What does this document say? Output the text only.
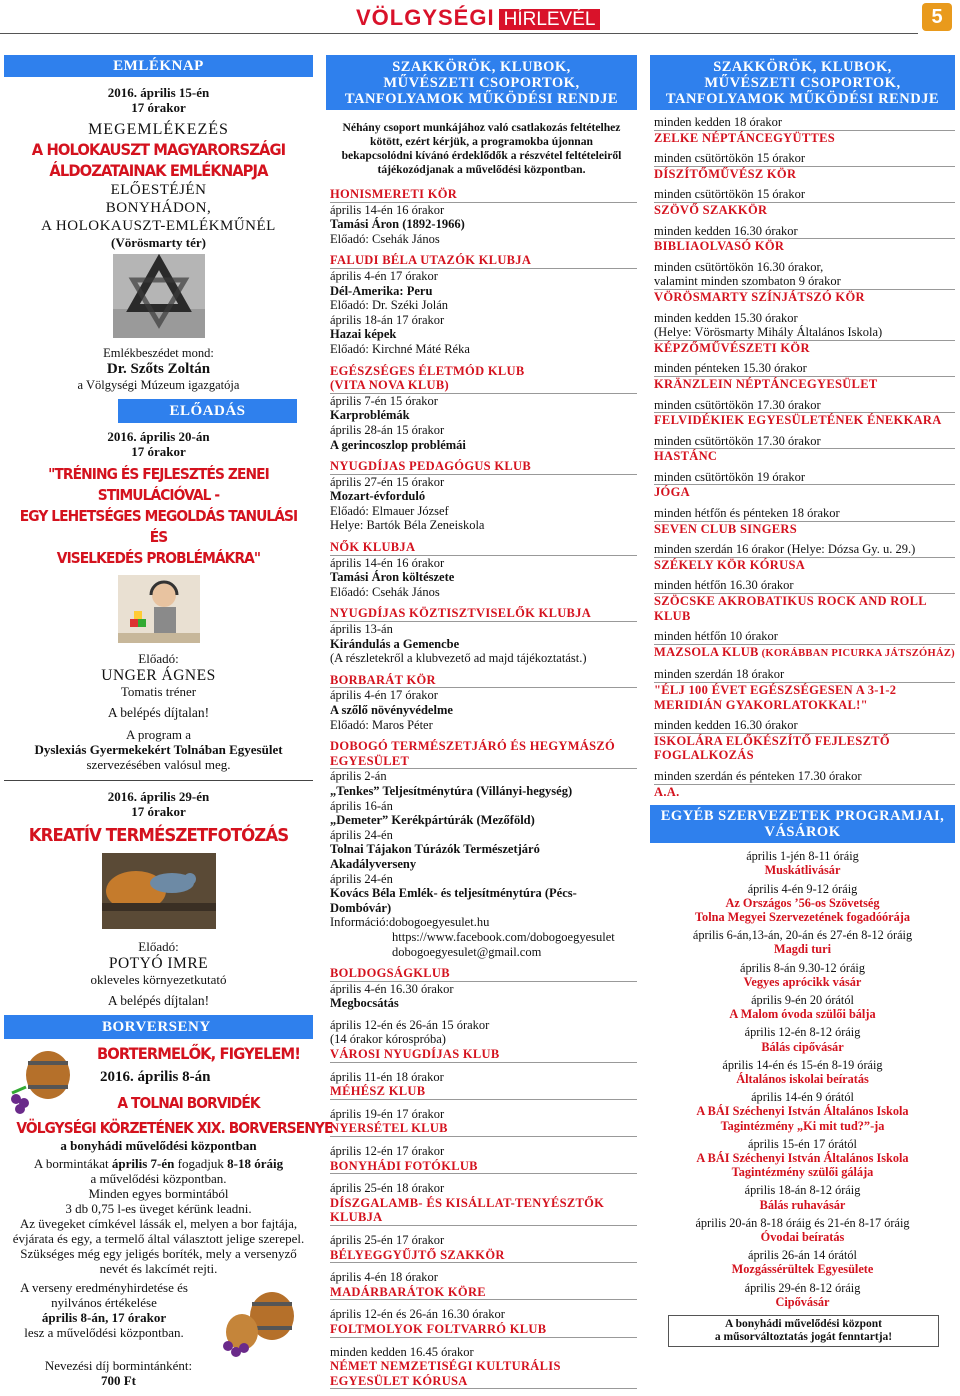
VÖLGYSÉGI HÍRLEVÉL	5
EMLÉKNAP
2016. április 15-én
17 órakor
MEGEMLÉKEZÉS
A HOLOKAUSZT MAGYARORSZÁGI
ÁLDOZATAINAK EMLÉKNAPJA
ELŐESTÉJÉN
BONYHÁDON,
A HOLOKAUSZT-EMLÉKMŰNÉL
(Vörösmarty tér)
Emlékbeszédet mond:
Dr. Szőts Zoltán
a Völgységi Múzeum igazgatója
ELŐADÁS
2016. április 20-án
17 órakor
"TRÉNING ÉS FEJLESZTÉS ZENEI
STIMULÁCIÓVAL -
EGY LEHETSÉGES MEGOLDÁS TANULÁSI ÉS
VISELKEDÉS PROBLÉMÁKRA"
Előadó:
UNGER ÁGNES
Tomatis tréner
A belépés díjtalan!
A program a
Dyslexiás Gyermekekért Tolnában Egyesület
szervezésében valósul meg.
2016. április 29-én
17 órakor
KREATÍV TERMÉSZETFOTÓZÁS
Előadó:
POTYÓ IMRE
okleveles környezetkutató
A belépés díjtalan!
BORVERSENY
BORTERMELŐK, FIGYELEM!
2016. április 8-án
A TOLNAI BORVIDÉK
VÖLGYSÉGI KÖRZETÉNEK XIX. BORVERSENYE
a bonyhádi művelődési központban
A bormintákat április 7-én fogadjuk 8-18 óráig
a művelődési központban.
Minden egyes bormintából
3 db 0,75 l-es üveget kérünk leadni.
Az üvegeket címkével lássák el, melyen a bor fajtája,
évjárata és egy, a termelő által választott jelige szerepel.
Szükséges még egy jeligés boríték, mely a versenyző
nevét és lakcímét rejti.
A verseny eredményhirdetése és
nyilvános értékelése
április 8-án, 17 órakor
lesz a művelődési központban.
Nevezési díj bormintánként:
700 Ft
SZAKKÖRÖK, KLUBOK,
MŰVÉSZETI CSOPORTOK,
TANFOLYAMOK MŰKÖDÉSI RENDJE
Néhány csoport munkájához való csatlakozás feltételhez
kötött, ezért kérjük, a programokba újonnan
bekapcsolódni kívánó érdeklődők a részvétel feltételeiről
tájékozódjanak a művelődési központban.
HONISMERETI KÖR
április 14-én 16 órakor
Tamási Áron (1892-1966)
Előadó: Csehák János
FALUDI BÉLA UTAZÓK KLUBJA
április 4-én 17 órakor
Dél-Amerika: Peru
Előadó: Dr. Széki Jolán
április 18-án 17 órakor
Hazai képek
Előadó: Kirchné Máté Réka
EGÉSZSÉGES ÉLETMÓD KLUB
(VITA NOVA KLUB)
április 7-én 15 órakor
Karproblémák
április 28-án 15 órakor
A gerincoszlop problémái
NYUGDÍJAS PEDAGÓGUS KLUB
április 27-én 15 órakor
Mozart-évforduló
Előadó: Elmauer József
Helye: Bartók Béla Zeneiskola
NŐK KLUBJA
április 14-én 16 órakor
Tamási Áron költészete
Előadó: Csehák János
NYUGDÍJAS KÖZTISZTVISELŐK KLUBJA
április 13-án
Kirándulás a Gemencbe
(A részletekről a klubvezető ad majd tájékoztatást.)
BORBARÁT KÖR
április 4-én 17 órakor
A szőlő növényvédelme
Előadó: Maros Péter
DOBOGÓ TERMÉSZETJÁRÓ ÉS HEGYMÁSZÓ
EGYESÜLET
április 2-án
„Tenkes” Teljesítménytúra (Villányi-hegység)
április 16-án
„Demeter” Kerékpártúrák (Mezőföld)
április 24-én
Tolnai Tájakon Túrázók Természetjáró
Akadályverseny
április 24-én
Kovács Béla Emlék- és teljesítménytúra (Pécs-
Dombóvár)
Információ:dobogoegyesulet.hu
https://www.facebook.com/dobogoegyesulet
dobogoegyesulet@gmail.com
BOLDOGSÁGKLUB
április 4-én 16.30 órakor
Megbocsátás
április 12-én és 26-án 15 órakor
(14 órakor kórospróba)
VÁROSI NYUGDÍJAS KLUB
április 11-én 18 órakor
MÉHÉSZ KLUB
április 19-én 17 órakor
NYERSÉTEL KLUB
április 12-én 17 órakor
BONYHÁDI FOTÓKLUB
április 25-én 18 órakor
DÍSZGALAMB- ÉS KISÁLLAT-TENYÉSZTŐK
KLUBJA
április 25-én 17 órakor
BÉLYEGGYŰJTŐ SZAKKÖR
április 4-én 18 órakor
MADÁRBARÁTOK KÖRE
április 12-én és 26-án 16.30 órakor
FOLTMOLYOK FOLTVARRÓ KLUB
minden kedden 16.45 órakor
NÉMET NEMZETISÉGI KULTURÁLIS
EGYESÜLET KÓRUSA
SZAKKÖRÖK, KLUBOK,
MŰVÉSZETI CSOPORTOK,
TANFOLYAMOK MŰKÖDÉSI RENDJE
minden kedden 18 órakor
ZELKE NÉPTÁNCEGYÜTTES
minden csütörtökön 15 órakor
DÍSZÍTŐMŰVÉSZ KÖR
minden csütörtökön 15 órakor
SZÖVŐ SZAKKÖR
minden kedden 16.30 órakor
BIBLIAOLVASÓ KÖR
minden csütörtökön 16.30 órakor,
valamint minden szombaton 9 órakor
VÖRÖSMARTY SZÍNJÁTSZÓ KÖR
minden kedden 15.30 órakor
(Helye: Vörösmarty Mihály Általános Iskola)
KÉPZŐMŰVÉSZETI KÖR
minden pénteken 15.30 órakor
KRÄNZLEIN NÉPTÁNCEGYESÜLET
minden csütörtökön 17.30 órakor
FELVIDÉKIEK EGYESÜLETÉNEK ÉNEKKARA
minden csütörtökön 17.30 órakor
HASTÁNC
minden csütörtökön 19 órakor
JÓGA
minden hétfőn és pénteken 18 órakor
SEVEN CLUB SINGERS
minden szerdán 16 órakor (Helye: Dózsa Gy. u. 29.)
SZÉKELY KÖR KÓRUSA
minden hétfőn 16.30 órakor
SZÖCSKE AKROBATIKUS ROCK AND ROLL
KLUB
minden hétfőn 10 órakor
MAZSOLA KLUB (KORÁBBAN PICURKA JÁTSZÓHÁZ)
minden szerdán 18 órakor
"ÉLJ 100 ÉVET EGÉSZSÉGESEN A 3-1-2
MERIDIÁN GYAKORLATOKKAL!"
minden kedden 16.30 órakor
ISKOLÁRA ELŐKÉSZÍTŐ FEJLESZTŐ
FOGLALKOZÁS
minden szerdán és pénteken 17.30 órakor
A.A.
EGYÉB SZERVEZETEK PROGRAMJAI,
VÁSÁROK
április 1-jén 8-11 óráig
Muskátlivásár
április 4-én 9-12 óráig
Az Országos ’56-os Szövetség
Tolna Megyei Szervezetének fogadóórája
április 6-án,13-án, 20-án és 27-én 8-12 óráig
Magdi turi
április 8-án 9.30-12 óráig
Vegyes aprócikk vásár
április 9-én 20 órától
A Malom óvoda szülői bálja
április 12-én 8-12 óráig
Bálás cipővásár
április 14-én és 15-én 8-19 óráig
Általános iskolai beíratás
április 14-én 9 órától
A BÁI Széchenyi István Általános Iskola
Tagintézmény „Ki mit tud?”-ja
április 15-én 17 órától
A BÁI Széchenyi István Általános Iskola
Tagintézmény szülői gálája
április 18-án 8-12 óráig
Bálás ruhavásár
április 20-án 8-18 óráig és 21-én 8-17 óráig
Óvodai beíratás
április 26-án 14 órától
Mozgássérültek Egyesülete
április 29-én 8-12 óráig
Cipővásár
A bonyhádi művelődési központ
a műsorváltoztatás jogát fenntartja!
